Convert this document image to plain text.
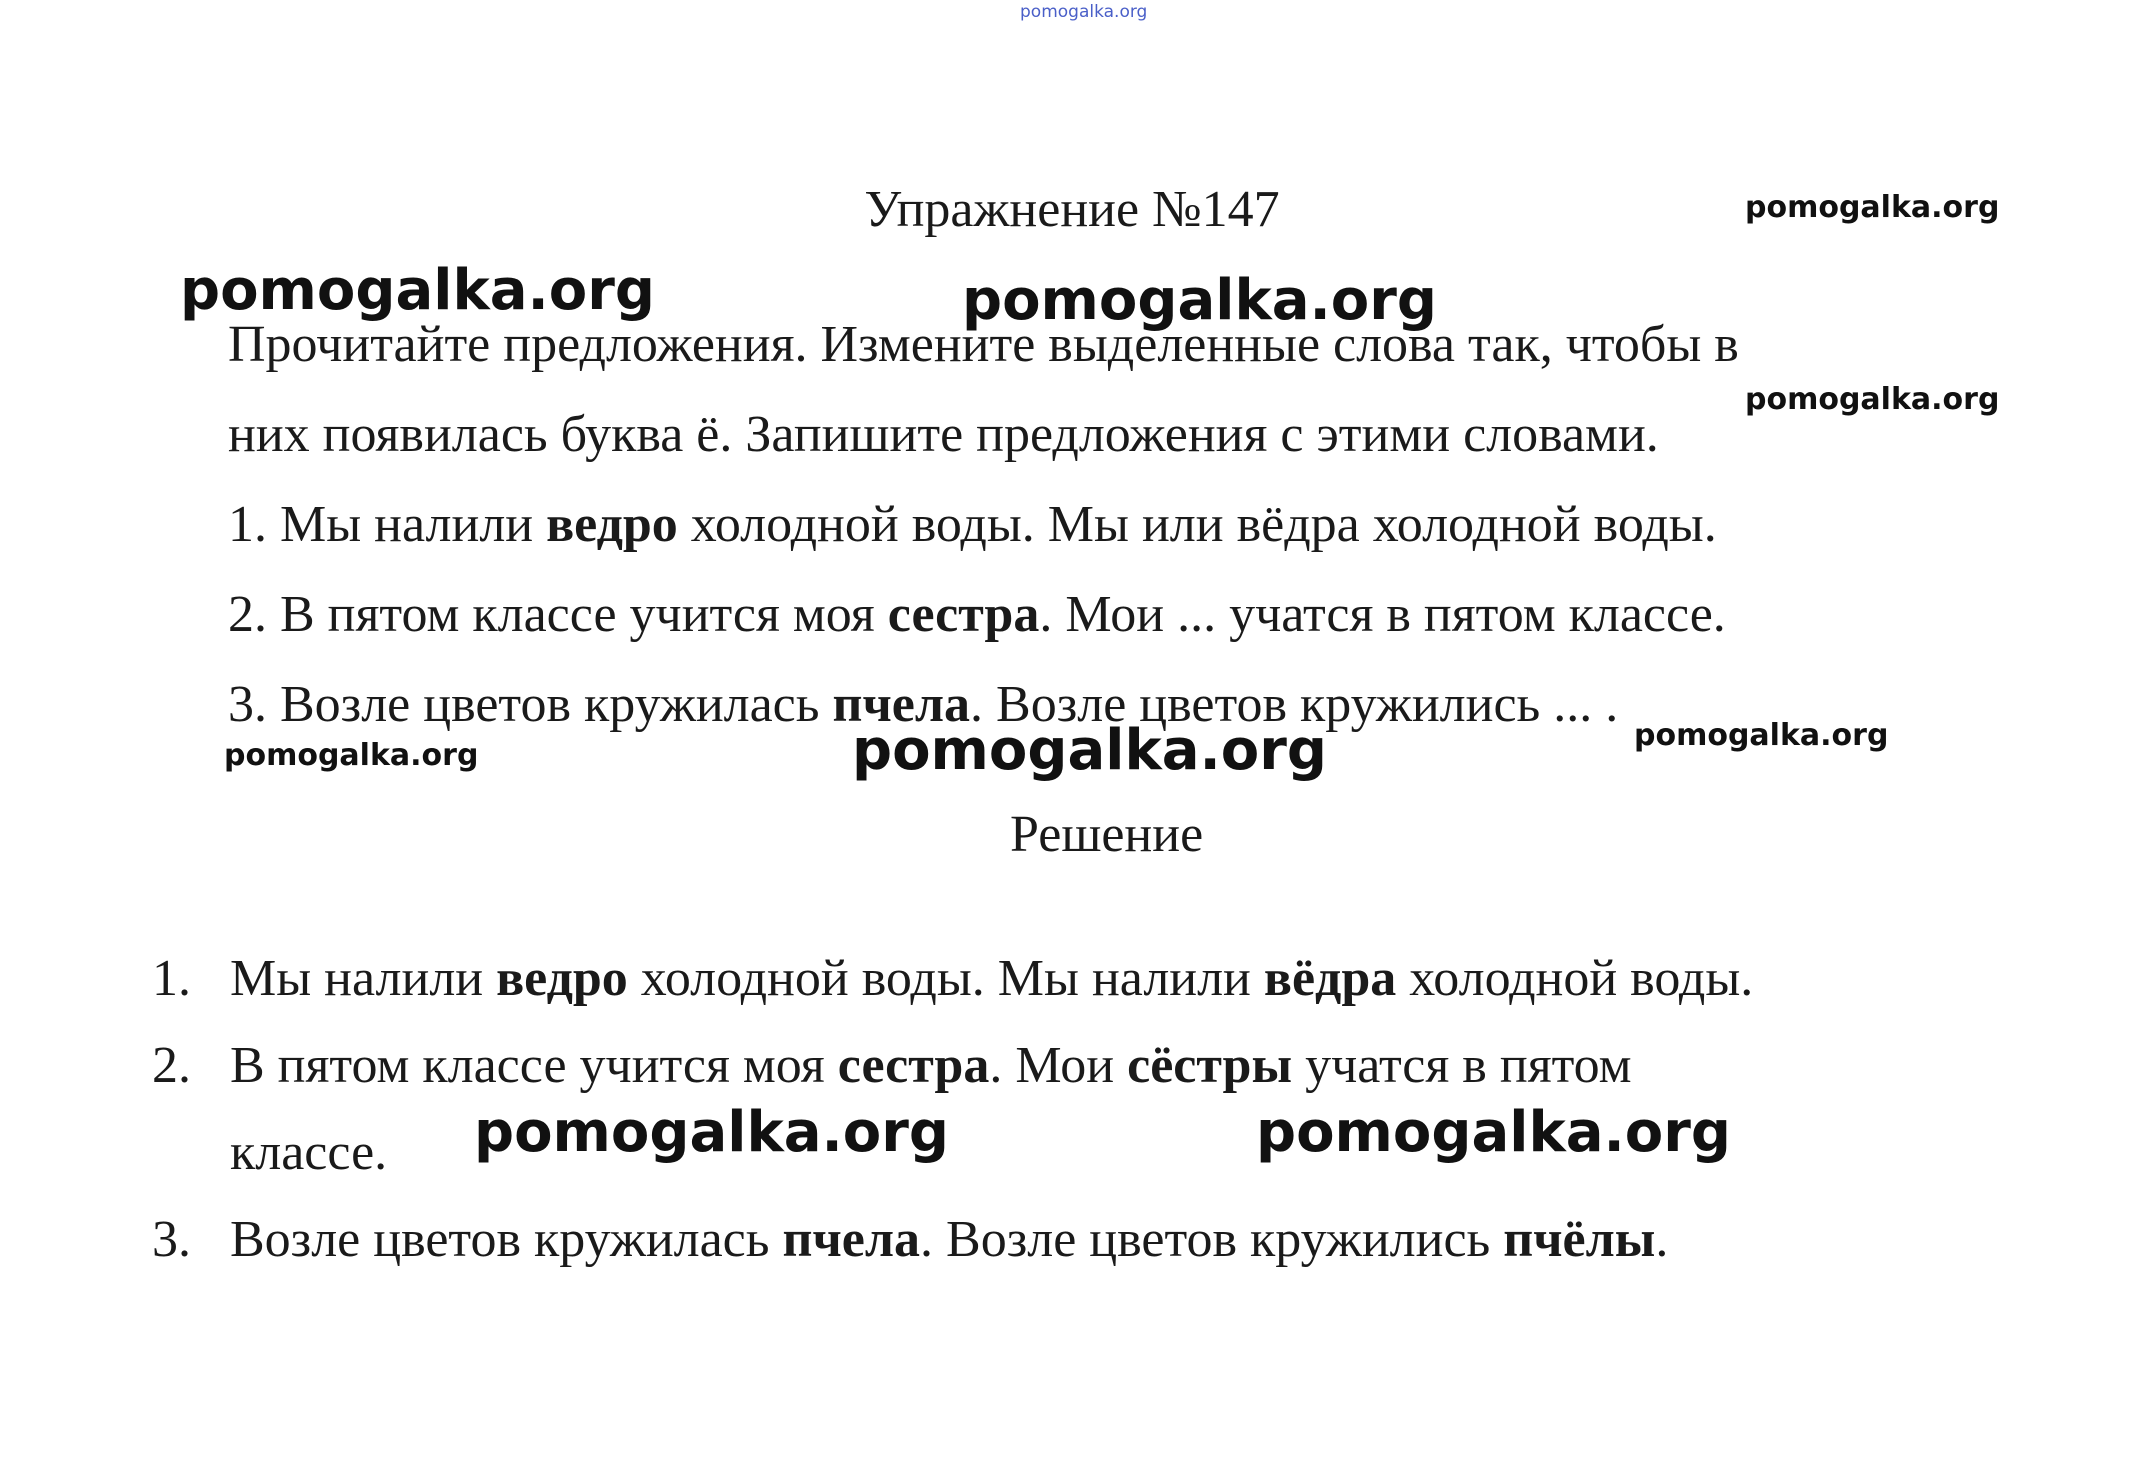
pomogalka.org
pomogalka.org
Упражнение №147
pomogalka.org	pomogalka.org

Прочитайте предложения. Измените выделенные слова так, чтобы в

них появилась буква ё. Запишите предложения с этими словами.

1. Мы налили ведро холодной воды. Мы или вёдра холодной воды.

2. В пятом классе учится моя сестра. Мои ... учатся в пятом классе.

3. Возле цветов кружилась пчела. Возле цветов кружились ... .

pomogalka.org
pomogalka.org	pomogalka.org	pomogalka.org
Решение
1. Мы налили ведро холодной воды. Мы налили вёдра холодной воды.
2. В пятом классе учится моя сестра. Мои сёстры учатся в пятом
классе.
3. Возле цветов кружилась пчела. Возле цветов кружились пчёлы.
pomogalka.org	pomogalka.org
